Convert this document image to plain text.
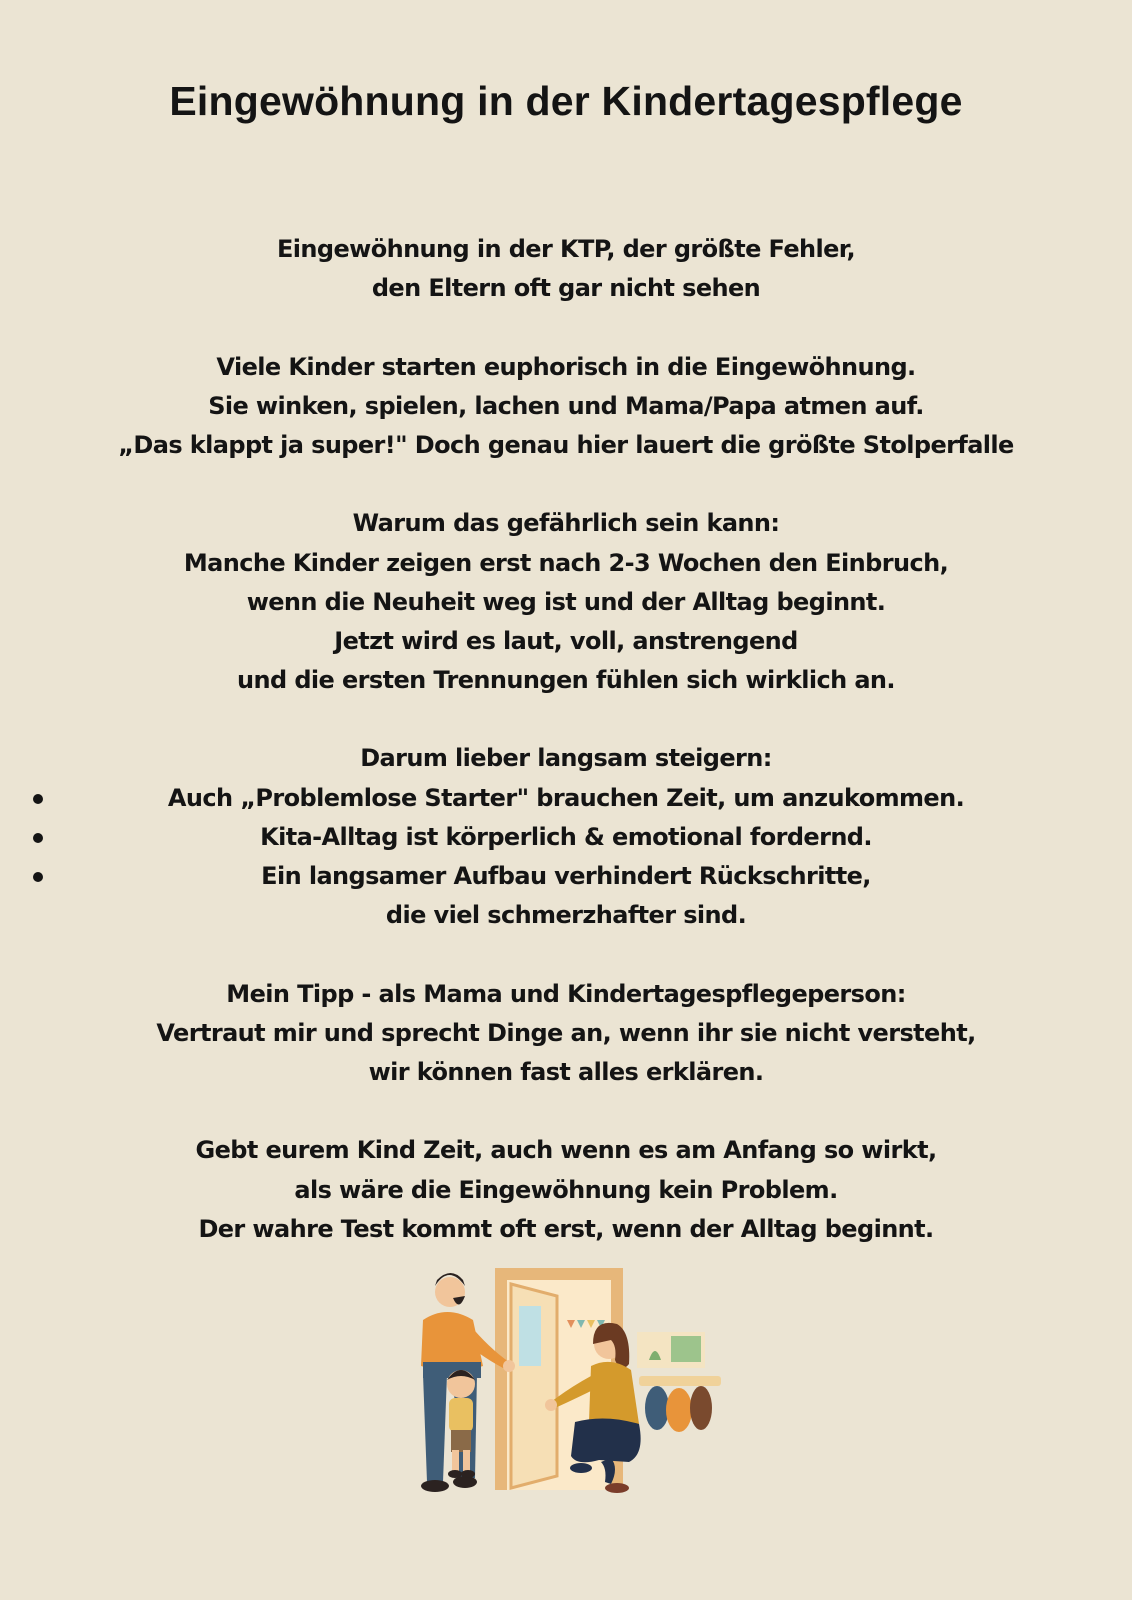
Eingewöhnung in der Kindertagespflege
Eingewöhnung in der KTP, der größte Fehler,
den Eltern oft gar nicht sehen
Viele Kinder starten euphorisch in die Eingewöhnung.
Sie winken, spielen, lachen und Mama/Papa atmen auf.
„Das klappt ja super!" Doch genau hier lauert die größte Stolperfalle
Warum das gefährlich sein kann:
Manche Kinder zeigen erst nach 2-3 Wochen den Einbruch,
wenn die Neuheit weg ist und der Alltag beginnt.
Jetzt wird es laut, voll, anstrengend
und die ersten Trennungen fühlen sich wirklich an.
Darum lieber langsam steigern:
Auch „Problemlose Starter" brauchen Zeit, um anzukommen.
Kita-Alltag ist körperlich & emotional fordernd.
Ein langsamer Aufbau verhindert Rückschritte,
die viel schmerzhafter sind.
Mein Tipp - als Mama und Kindertagespflegeperson:
Vertraut mir und sprecht Dinge an, wenn ihr sie nicht versteht,
wir können fast alles erklären.
Gebt eurem Kind Zeit, auch wenn es am Anfang so wirkt,
als wäre die Eingewöhnung kein Problem.
Der wahre Test kommt oft erst, wenn der Alltag beginnt.
